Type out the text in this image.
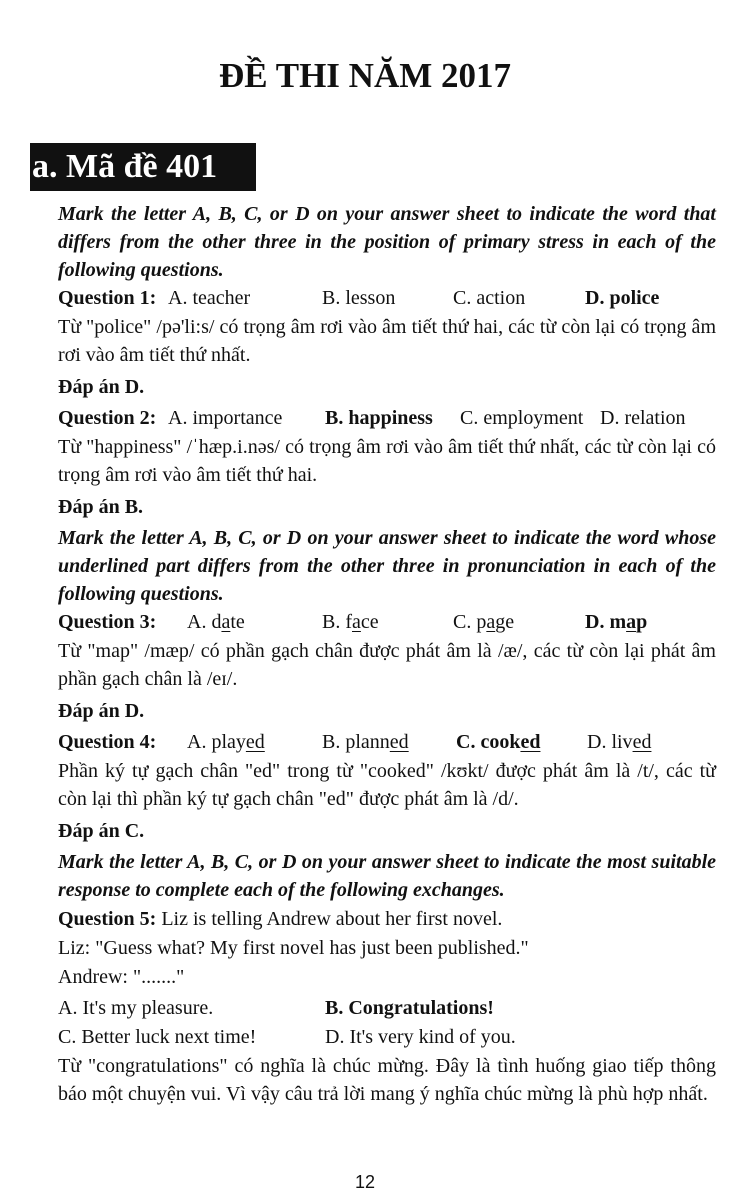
ĐỀ THI NĂM 2017
a. Mã đề 401
Mark the letter A, B, C, or D on your answer sheet to indicate the word that differs from the other three in the position of primary stress in each of the following questions.
Question 1: A. teacher	B. lesson	C. action	D. police
Từ "police" /pə'li:s/ có trọng âm rơi vào âm tiết thứ hai, các từ còn lại có trọng âm rơi vào âm tiết thứ nhất.
Đáp án D.
Question 2: A. importance B. happiness C. employment D. relation
Từ "happiness" /ˈhæp.i.nəs/ có trọng âm rơi vào âm tiết thứ nhất, các từ còn lại có trọng âm rơi vào âm tiết thứ hai.
Đáp án B.
Mark the letter A, B, C, or D on your answer sheet to indicate the word whose underlined part differs from the other three in pronunciation in each of the following questions.
Question 3: A. date	B. face	C. page	D. map
Từ "map" /mæp/ có phần gạch chân được phát âm là /æ/, các từ còn lại phát âm phần gạch chân là /eɪ/.
Đáp án D.
Question 4: A. played	B. planned C. cooked D. lived
Phần ký tự gạch chân "ed" trong từ "cooked" /kʊkt/ được phát âm là /t/, các từ còn lại thì phần ký tự gạch chân "ed" được phát âm là /d/.
Đáp án C.
Mark the letter A, B, C, or D on your answer sheet to indicate the most suitable response to complete each of the following exchanges.
Question 5: Liz is telling Andrew about her first novel.
Liz: "Guess what? My first novel has just been published."
Andrew: "......."
A. It's my pleasure.	B. Congratulations!
C. Better luck next time!	D. It's very kind of you.
Từ "congratulations" có nghĩa là chúc mừng. Đây là tình huống giao tiếp thông báo một chuyện vui. Vì vậy câu trả lời mang ý nghĩa chúc mừng là phù hợp nhất.
12
